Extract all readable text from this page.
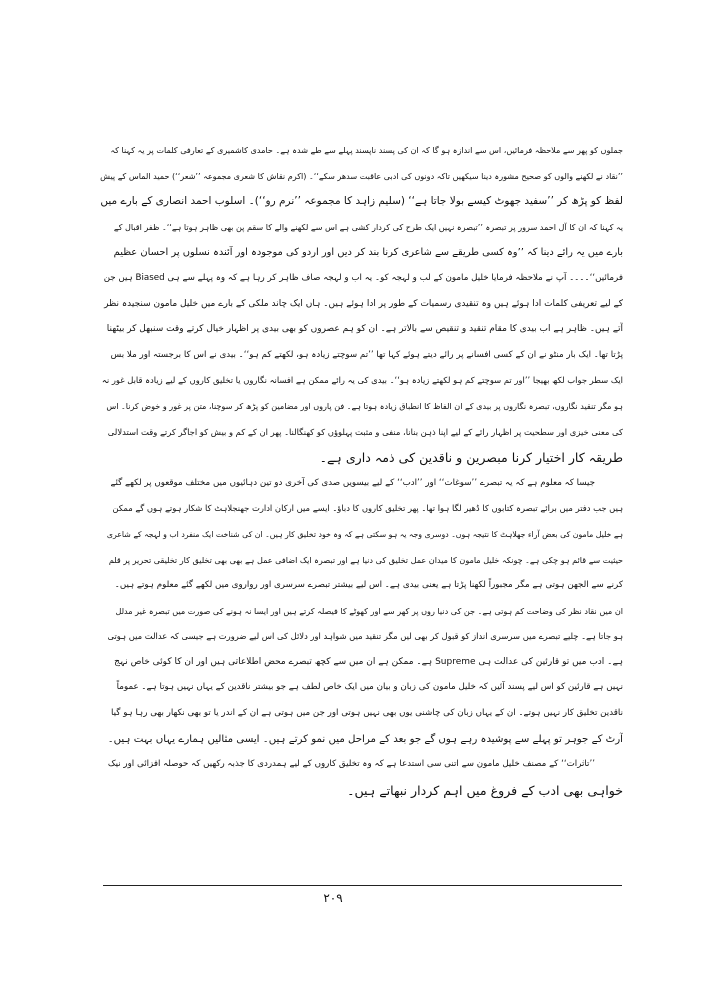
جملوں کو پھر سے ملاحظہ فرمائیں، اس سے اندازہ ہو گا کہ ان کی پسند ناپسند پہلے سے طے شدہ ہے۔ حامدی کاشمیری کے تعارفی کلمات پر یہ کہنا کہ
’’نقاد نے لکھنے والوں کو صحیح مشورہ دینا سیکھیں تاکہ دونوں کی ادبی عاقبت سدھر سکے‘‘۔ (اکرم نقاش کا شعری مجموعہ ’’شعر‘‘) حمید الماس کے پیش
لفظ کو پڑھ کر ’’سفید جھوٹ کیسے بولا جاتا ہے‘‘ (سلیم زاہد کا مجموعہ ’’نرم رو‘‘)۔ اسلوب احمد انصاری کے بارے میں
یہ کہنا کہ ان کا آل احمد سرور پر تبصرہ ’’تبصرہ نہیں ایک طرح کی کردار کشی ہے اس سے لکھنے والے کا سقم پن بھی ظاہر ہوتا ہے‘‘۔ ظفر اقبال کے
بارے میں یہ رائے دینا کہ ’’وہ کسی طریقے سے شاعری کرنا بند کر دیں اور اردو کی موجودہ اور آئندہ نسلوں پر احسان عظیم
فرمائیں‘‘۔۔۔۔ آپ نے ملاحظہ فرمایا خلیل مامون کے لب و لہجہ کو۔ یہ اب و لہجہ صاف ظاہر کر رہا ہے کہ وہ پہلے سے ہی Biased ہیں جن
کے لیے تعریفی کلمات ادا ہوئے ہیں وہ تنقیدی رسمیات کے طور پر ادا ہوئے ہیں۔ ہاں ایک چاند ملکی کے بارے میں خلیل مامون سنجیدہ نظر
آتے ہیں۔ ظاہر ہے اب بیدی کا مقام تنقید و تنقیص سے بالاتر ہے۔ ان کو ہم عصروں کو بھی بیدی پر اظہار خیال کرتے وقت سنبھل کر بیٹھنا
پڑتا تھا۔ ایک بار منٹو نے ان کے کسی افسانے پر رائے دیتے ہوئے کہا تھا ’’تم سوچتے زیادہ ہو، لکھتے کم ہو‘‘۔ بیدی نے اس کا برجستہ اور ملا بس
ایک سطر جواب لکھ بھیجا ’’اور تم سوچتے کم ہو لکھتے زیادہ ہو‘‘۔ بیدی کی یہ رائے ممکن ہے افسانہ نگاروں یا تخلیق کاروں کے لیے زیادہ قابل غور نہ
ہو مگر تنقید نگاروں، تبصرہ نگاروں پر بیدی کے ان الفاظ کا انطباق زیادہ ہوتا ہے۔ فن پاروں اور مضامین کو پڑھ کر سوچنا، متن پر غور و خوض کرنا۔ اس
کی معنی خیزی اور سطحیت پر اظہار رائے کے لیے اپنا ذہن بنانا، منفی و مثبت پہلوؤں کو کھنگالنا۔ پھر ان کے کم و بیش کو اجاگر کرتے وقت استدلالی
طریقہ کار اختیار کرنا مبصرین و ناقدین کی ذمہ داری ہے۔
جیسا کہ معلوم ہے کہ یہ تبصرے ’’سوغات‘‘ اور ’’ادب‘‘ کے لیے بیسویں صدی کی آخری دو تین دہائیوں میں مختلف موقعوں پر لکھے گئے
ہیں جب دفتر میں برائے تبصرہ کتابوں کا ڈھیر لگا ہوا تھا۔ پھر تخلیق کاروں کا دباؤ۔ ایسے میں ارکان ادارت جھنجلاہٹ کا شکار ہوتے ہوں گے ممکن
ہے خلیل مامون کی بعض آراء جھلاہٹ کا نتیجہ ہوں۔ دوسری وجہ یہ ہو سکتی ہے کہ وہ خود تخلیق کار ہیں۔ ان کی شناخت ایک منفرد اب و لہجہ کے شاعری
حیثیت سے قائم ہو چکی ہے۔ چونکہ خلیل مامون کا میدان عمل تخلیق کی دنیا ہے اور تبصرہ ایک اضافی عمل ہے بھی بھی تخلیق کار تخلیقی تحریر پر قلم
کرنے سے الجھن ہوتی ہے مگر مجبوراً لکھنا پڑتا ہے یعنی بیدی ہے۔ اس لیے بیشتر تبصرے سرسری اور رواروی میں لکھے گئے معلوم ہوتے ہیں۔
ان میں نقاد نظر کی وضاحت کم ہوتی ہے۔ جن کی دنیا روں پر کھر سے اور کھوٹے کا فیصلہ کرتے ہیں اور ایسا نہ ہونے کی صورت میں تبصرہ غیر مدلل
ہو جاتا ہے۔ چلیے تبصرے میں سرسری انداز کو قبول کر بھی لیں مگر تنقید میں شواہد اور دلائل کی اس لیے ضرورت ہے جیسی کہ عدالت میں ہوتی
ہے۔ ادب میں تو قارئین کی عدالت ہی Supreme ہے۔ ممکن ہے ان میں سے کچھ تبصرے محض اطلاعاتی ہیں اور ان کا کوئی خاص نہج
نہیں ہے قارئین کو اس لیے پسند آئیں کہ خلیل مامون کی زبان و بیان میں ایک خاص لطف ہے جو بیشتر ناقدین کے یہاں نہیں ہوتا ہے۔ عموماً
ناقدین تخلیق کار نہیں ہوتے۔ ان کے یہاں زبان کی چاشنی یوں بھی نہیں ہوتی اور جن میں ہوتی ہے ان کے اندر یا تو بھی نکھار بھی رہا ہو گیا
آرٹ کے جوہر تو پہلے سے پوشیدہ رہے ہوں گے جو بعد کے مراحل میں نمو کرتے ہیں۔ ایسی مثالیں ہمارے یہاں بہت ہیں۔
’’تاثرات‘‘ کے مصنف خلیل مامون سے اتنی سی استدعا ہے کہ وہ تخلیق کاروں کے لیے ہمدردی کا جذبہ رکھیں کہ حوصلہ افزائی اور نیک
خواہی بھی ادب کے فروغ میں اہم کردار نبھاتے ہیں۔
۲۰۹
